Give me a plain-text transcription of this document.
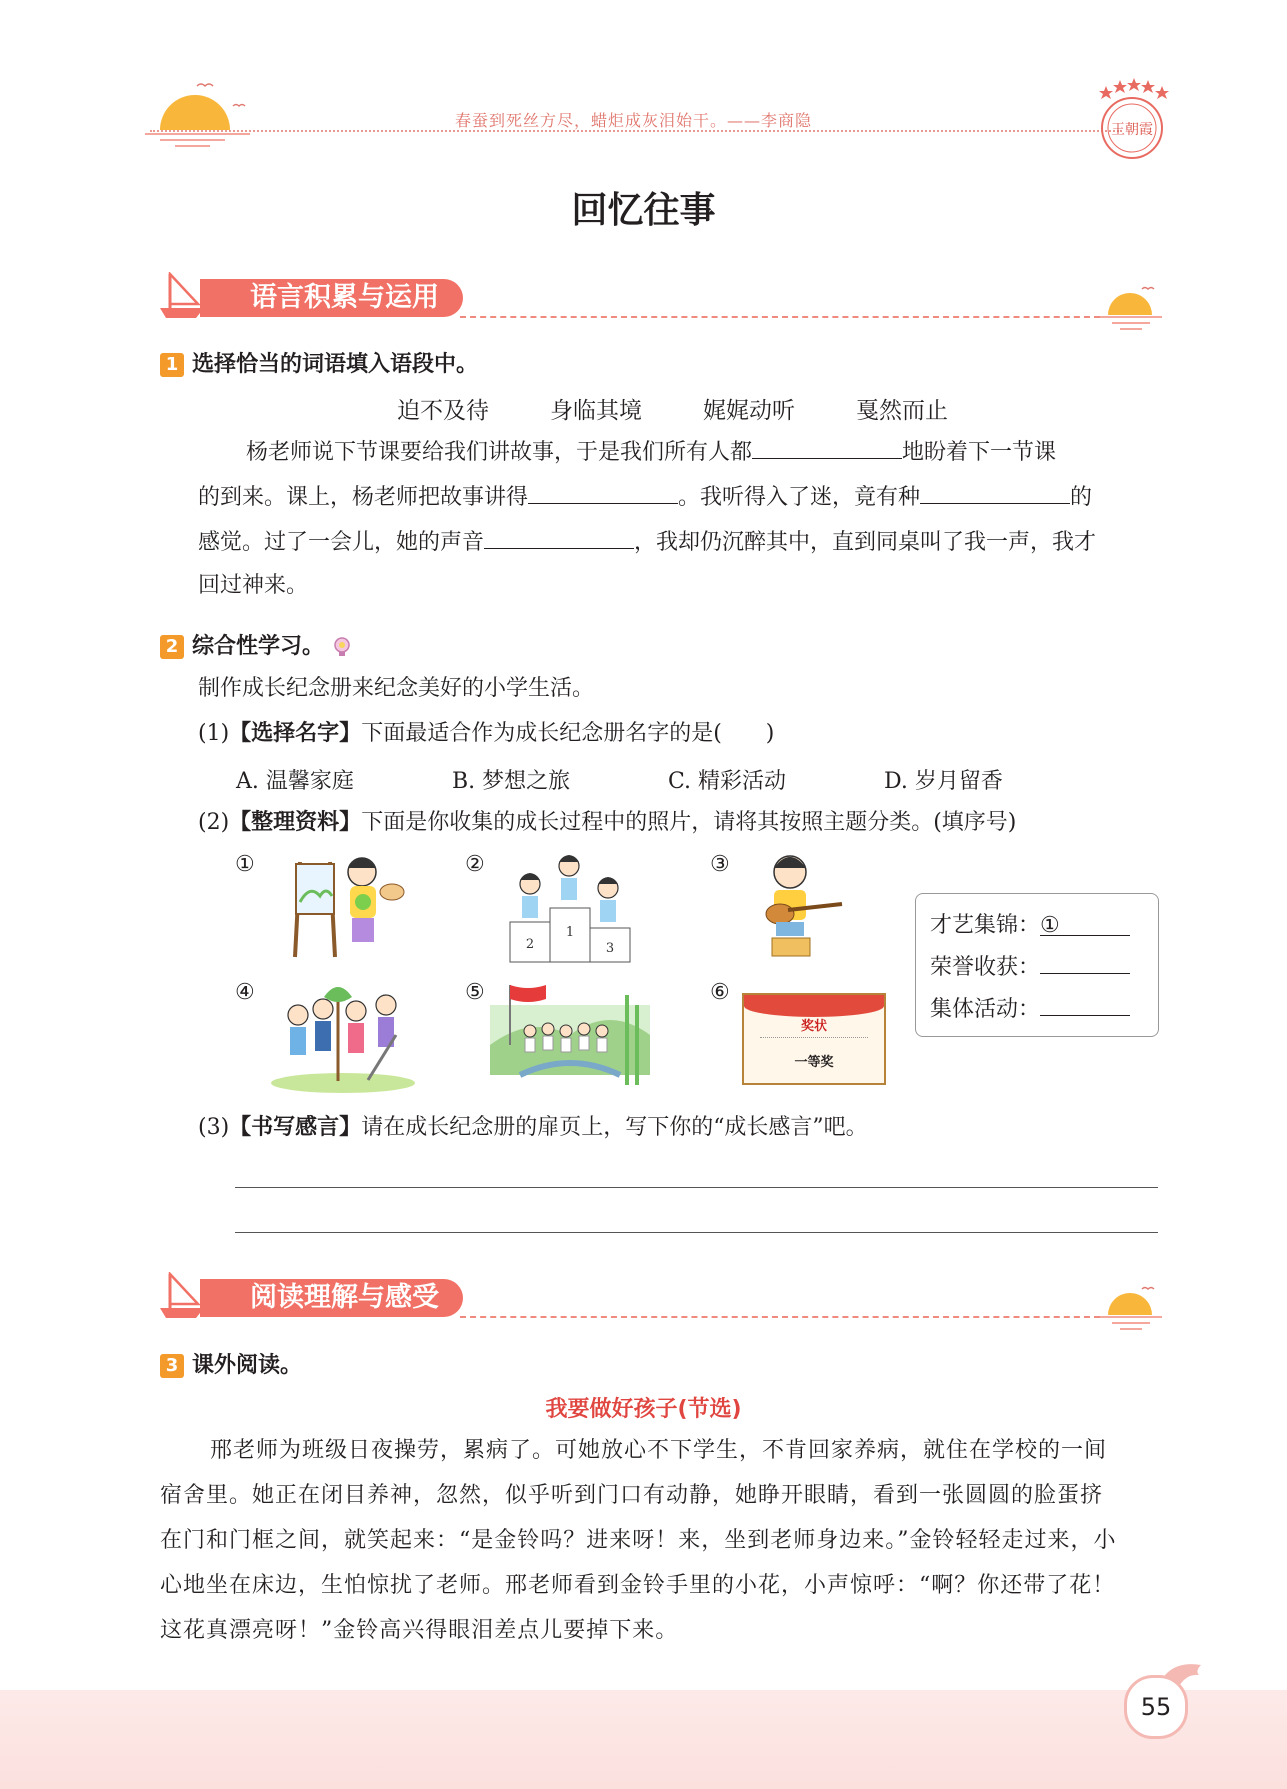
春蚕到死丝方尽，蜡炬成灰泪始干。——李商隐	王朝霞
回忆往事
语言积累与运用
1 选择恰当的词语填入语段中。
迫不及待	身临其境	娓娓动听	戛然而止
杨老师说下节课要给我们讲故事，于是我们所有人都	地盼着下一节课
的到来。课上，杨老师把故事讲得	。我听得入了迷，竟有种	的
感觉。过了一会儿，她的声音	，我却仍沉醉其中，直到同桌叫了我一声，我才
回过神来。
2 综合性学习。
制作成长纪念册来纪念美好的小学生活。
(1)【选择名字】下面最适合作为成长纪念册名字的是(　　)
A. 温馨家庭	B. 梦想之旅	C. 精彩活动	D. 岁月留香
(2)【整理资料】下面是你收集的成长过程中的照片，请将其按照主题分类。(填序号)
①	②
2
1
3
③
④	⑤	⑥
奖状
一等奖
才艺集锦：①
荣誉收获：
集体活动：
(3)【书写感言】请在成长纪念册的扉页上，写下你的“成长感言”吧。
阅读理解与感受
3 课外阅读。
我要做好孩子(节选)
邢老师为班级日夜操劳，累病了。可她放心不下学生，不肯回家养病，就住在学校的一间
宿舍里。她正在闭目养神，忽然，似乎听到门口有动静，她睁开眼睛，看到一张圆圆的脸蛋挤
在门和门框之间，就笑起来：“是金铃吗？进来呀！来，坐到老师身边来。”金铃轻轻走过来，小
心地坐在床边，生怕惊扰了老师。邢老师看到金铃手里的小花，小声惊呼：“啊？你还带了花！
这花真漂亮呀！”金铃高兴得眼泪差点儿要掉下来。
55
